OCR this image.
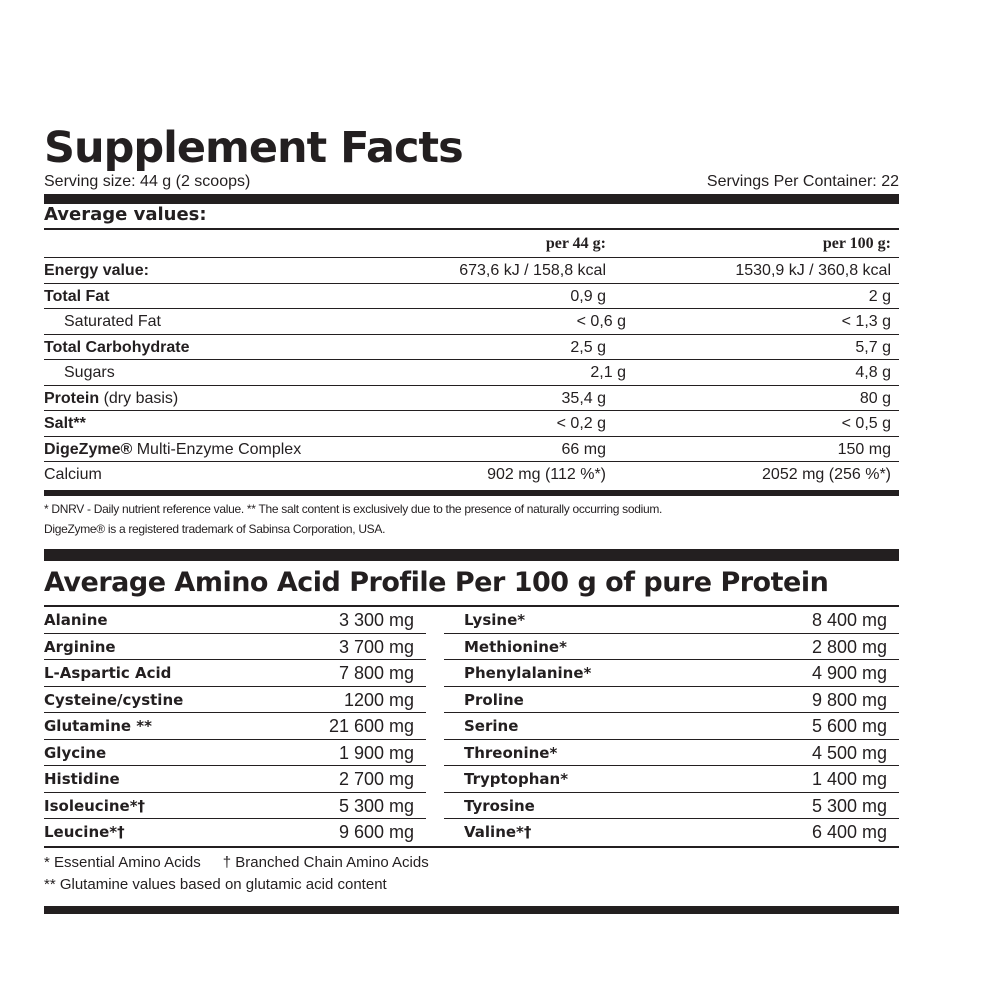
Supplement Facts
Serving size: 44 g (2 scoops)	Servings Per Container: 22
Average values:
per 44 g:	per 100 g:
Energy value:	673,6 kJ / 158,8 kcal	1530,9 kJ / 360,8 kcal
Total Fat	0,9 g	2 g
Saturated Fat	< 0,6 g	< 1,3 g
Total Carbohydrate	2,5 g	5,7 g
Sugars	2,1 g	4,8 g
Protein (dry basis)	35,4 g	80 g
Salt**	< 0,2 g	< 0,5 g
DigeZyme® Multi-Enzyme Complex	66 mg	150 mg
Calcium	902 mg (112 %*)	2052 mg (256 %*)
* DNRV - Daily nutrient reference value. ** The salt content is exclusively due to the presence of naturally occurring sodium.
DigeZyme® is a registered trademark of Sabinsa Corporation, USA.
Average Amino Acid Profile Per 100 g of pure Protein
Alanine	3 300 mg
Arginine	3 700 mg
L-Aspartic Acid	7 800 mg
Cysteine/cystine	1200 mg
Glutamine **	21 600 mg
Glycine	1 900 mg
Histidine	2 700 mg
Isoleucine*†	5 300 mg
Leucine*†	9 600 mg
Lysine*	8 400 mg
Methionine*	2 800 mg
Phenylalanine*	4 900 mg
Proline	9 800 mg
Serine	5 600 mg
Threonine*	4 500 mg
Tryptophan*	1 400 mg
Tyrosine	5 300 mg
Valine*†	6 400 mg
* Essential Amino Acids † Branched Chain Amino Acids
** Glutamine values based on glutamic acid content
